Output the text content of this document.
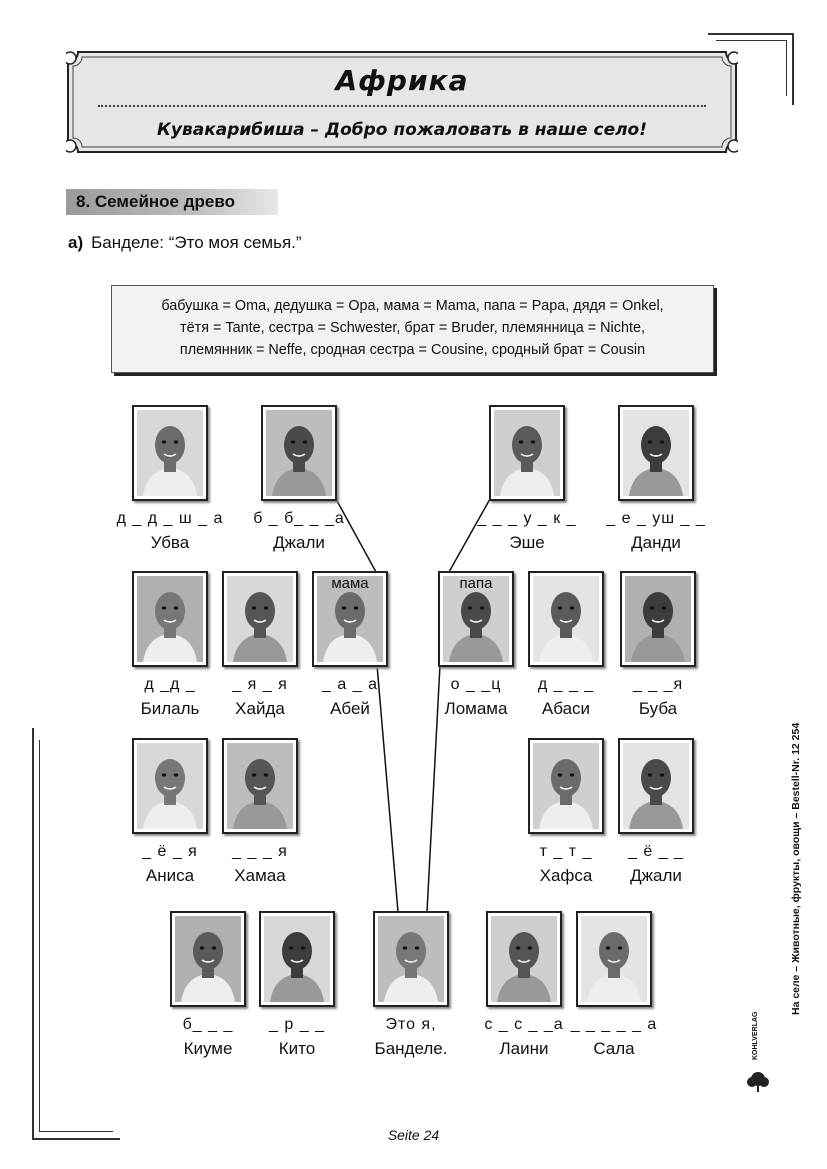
Африка
Кувакарибиша – Добро пожаловать в наше село!
8. Семейное древо
a) Банделе: “Это моя семья.”
бабушка = Oma, дедушка = Opa, мама = Mama, папа = Papa, дядя = Onkel,
тётя = Tante, сестра = Schwester, брат = Bruder, племянница = Nichte,
племянник = Neffe, сродная сестра = Cousine, сродный брат = Cousin
д _ д _ ш _ а
Убва
б _ б_ _ _а
Джали
_ _ _ у _ к _
Эше
_ е _ уш _ _
Данди
д _д _
Билаль
_ я _ я
Хайда
мама
_ а _ а
Абей
папа
о _ _ц
Ломама
д _ _ _
Абаси
_ _ _я
Буба
_ ё _ я
Аниса
_ _ _ я
Хамаа
т _ т _
Хафса
_ ё _ _
Джали
б_ _ _
Киуме
_ р _ _
Кито
Это я,
Банделе.
с _ с _ _а
Лаини
_ _ _ _ _ а
Сала
Seite 24
На селе – Животные, фрукты, овощи – Bestell-Nr. 12 254
KOHLVERLAG
